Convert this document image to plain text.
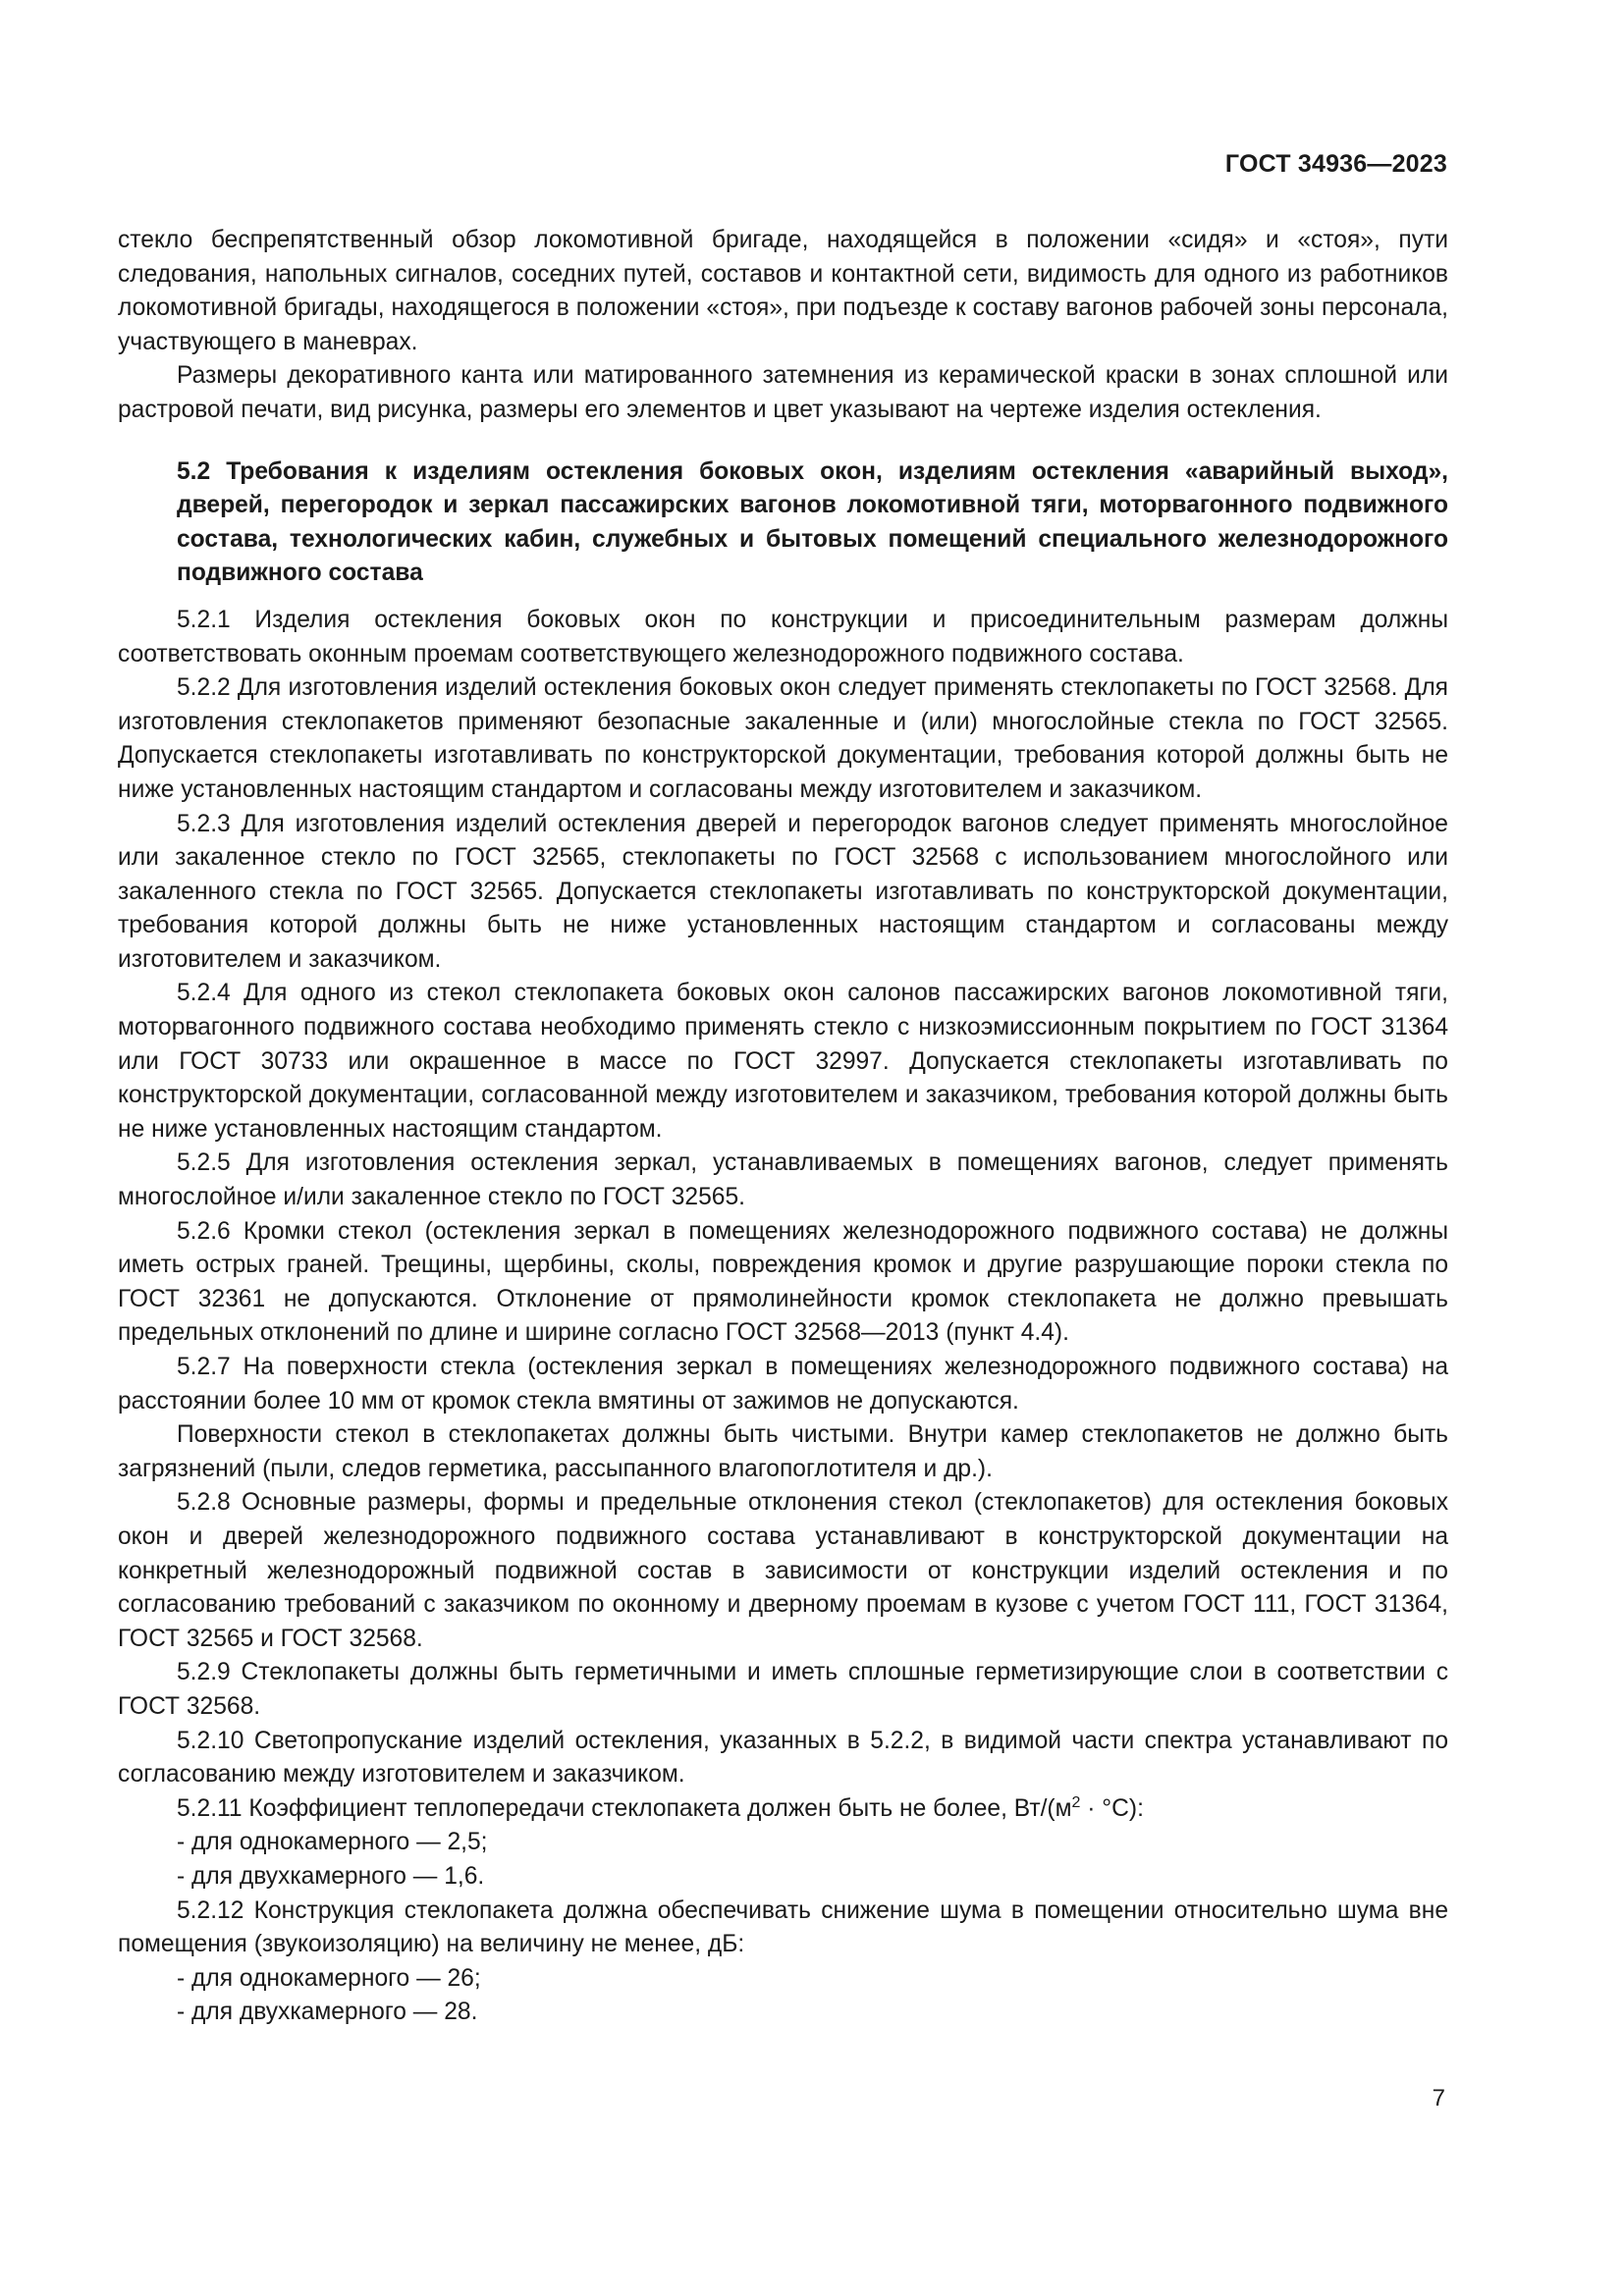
ГОСТ 34936—2023

стекло беспрепятственный обзор локомотивной бригаде, находящейся в положении «сидя» и «стоя», пути следования, напольных сигналов, соседних путей, составов и контактной сети, видимость для одного из работников локомотивной бригады, находящегося в положении «стоя», при подъезде к составу вагонов рабочей зоны персонала, участвующего в маневрах.

Размеры декоративного канта или матированного затемнения из керамической краски в зонах сплошной или растровой печати, вид рисунка, размеры его элементов и цвет указывают на чертеже изделия остекления.

5.2 Требования к изделиям остекления боковых окон, изделиям остекления «аварийный выход», дверей, перегородок и зеркал пассажирских вагонов локомотивной тяги, моторвагонного подвижного состава, технологических кабин, служебных и бытовых помещений специального железнодорожного подвижного состава

5.2.1 Изделия остекления боковых окон по конструкции и присоединительным размерам должны соответствовать оконным проемам соответствующего железнодорожного подвижного состава.

5.2.2 Для изготовления изделий остекления боковых окон следует применять стеклопакеты по ГОСТ 32568. Для изготовления стеклопакетов применяют безопасные закаленные и (или) многослойные стекла по ГОСТ 32565. Допускается стеклопакеты изготавливать по конструкторской документации, требования которой должны быть не ниже установленных настоящим стандартом и согласованы между изготовителем и заказчиком.

5.2.3 Для изготовления изделий остекления дверей и перегородок вагонов следует применять многослойное или закаленное стекло по ГОСТ 32565, стеклопакеты по ГОСТ 32568 с использованием многослойного или закаленного стекла по ГОСТ 32565. Допускается стеклопакеты изготавливать по конструкторской документации, требования которой должны быть не ниже установленных настоящим стандартом и согласованы между изготовителем и заказчиком.

5.2.4 Для одного из стекол стеклопакета боковых окон салонов пассажирских вагонов локомотивной тяги, моторвагонного подвижного состава необходимо применять стекло с низкоэмиссионным покрытием по ГОСТ 31364 или ГОСТ 30733 или окрашенное в массе по ГОСТ 32997. Допускается стеклопакеты изготавливать по конструкторской документации, согласованной между изготовителем и заказчиком, требования которой должны быть не ниже установленных настоящим стандартом.

5.2.5 Для изготовления остекления зеркал, устанавливаемых в помещениях вагонов, следует применять многослойное и/или закаленное стекло по ГОСТ 32565.

5.2.6 Кромки стекол (остекления зеркал в помещениях железнодорожного подвижного состава) не должны иметь острых граней. Трещины, щербины, сколы, повреждения кромок и другие разрушающие пороки стекла по ГОСТ 32361 не допускаются. Отклонение от прямолинейности кромок стеклопакета не должно превышать предельных отклонений по длине и ширине согласно ГОСТ 32568—2013 (пункт 4.4).

5.2.7 На поверхности стекла (остекления зеркал в помещениях железнодорожного подвижного состава) на расстоянии более 10 мм от кромок стекла вмятины от зажимов не допускаются.

Поверхности стекол в стеклопакетах должны быть чистыми. Внутри камер стеклопакетов не должно быть загрязнений (пыли, следов герметика, рассыпанного влагопоглотителя и др.).

5.2.8 Основные размеры, формы и предельные отклонения стекол (стеклопакетов) для остекления боковых окон и дверей железнодорожного подвижного состава устанавливают в конструкторской документации на конкретный железнодорожный подвижной состав в зависимости от конструкции изделий остекления и по согласованию требований с заказчиком по оконному и дверному проемам в кузове с учетом ГОСТ 111, ГОСТ 31364, ГОСТ 32565 и ГОСТ 32568.

5.2.9 Стеклопакеты должны быть герметичными и иметь сплошные герметизирующие слои в соответствии с ГОСТ 32568.

5.2.10 Светопропускание изделий остекления, указанных в 5.2.2, в видимой части спектра устанавливают по согласованию между изготовителем и заказчиком.

5.2.11 Коэффициент теплопередачи стеклопакета должен быть не более, $Вт/(м^2 \cdot ^\circ С)$:

- для однокамерного — 2,5;

- для двухкамерного — 1,6.

5.2.12 Конструкция стеклопакета должна обеспечивать снижение шума в помещении относительно шума вне помещения (звукоизоляцию) на величину не менее, дБ:

- для однокамерного — 26;

- для двухкамерного — 28.

7
